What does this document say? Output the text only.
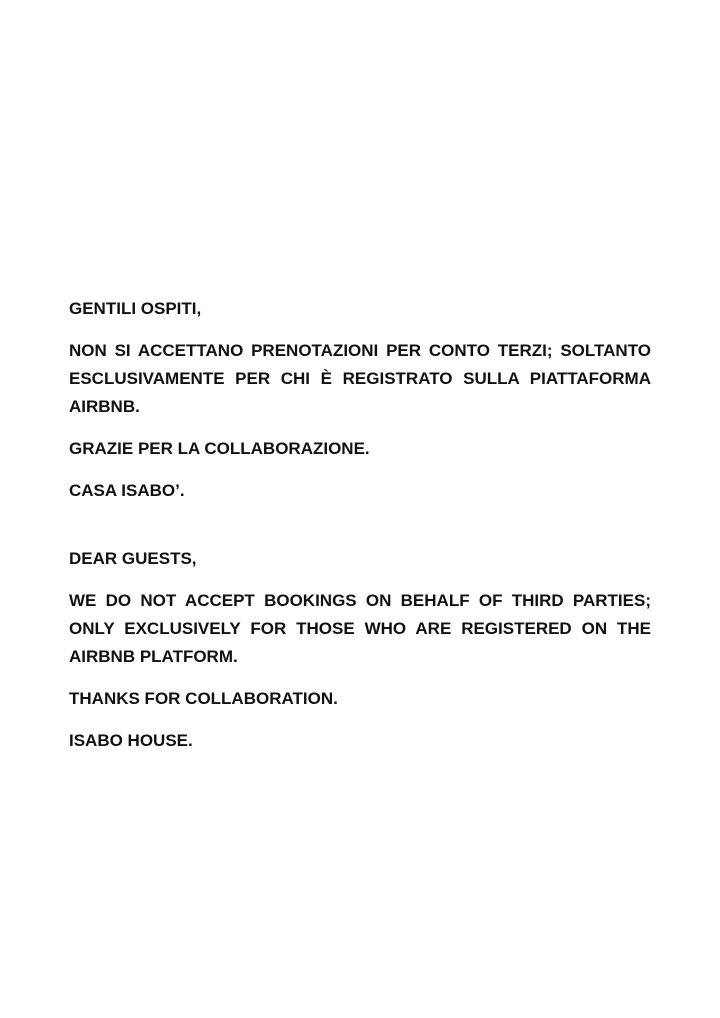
GENTILI OSPITI,

NON SI ACCETTANO PRENOTAZIONI PER CONTO TERZI; SOLTANTO ESCLUSIVAMENTE PER CHI È REGISTRATO SULLA PIATTAFORMA AIRBNB.

GRAZIE PER LA COLLABORAZIONE.

CASA ISABO’.

DEAR GUESTS,

WE DO NOT ACCEPT BOOKINGS ON BEHALF OF THIRD PARTIES; ONLY EXCLUSIVELY FOR THOSE WHO ARE REGISTERED ON THE AIRBNB PLATFORM.

THANKS FOR COLLABORATION.

ISABO HOUSE.
